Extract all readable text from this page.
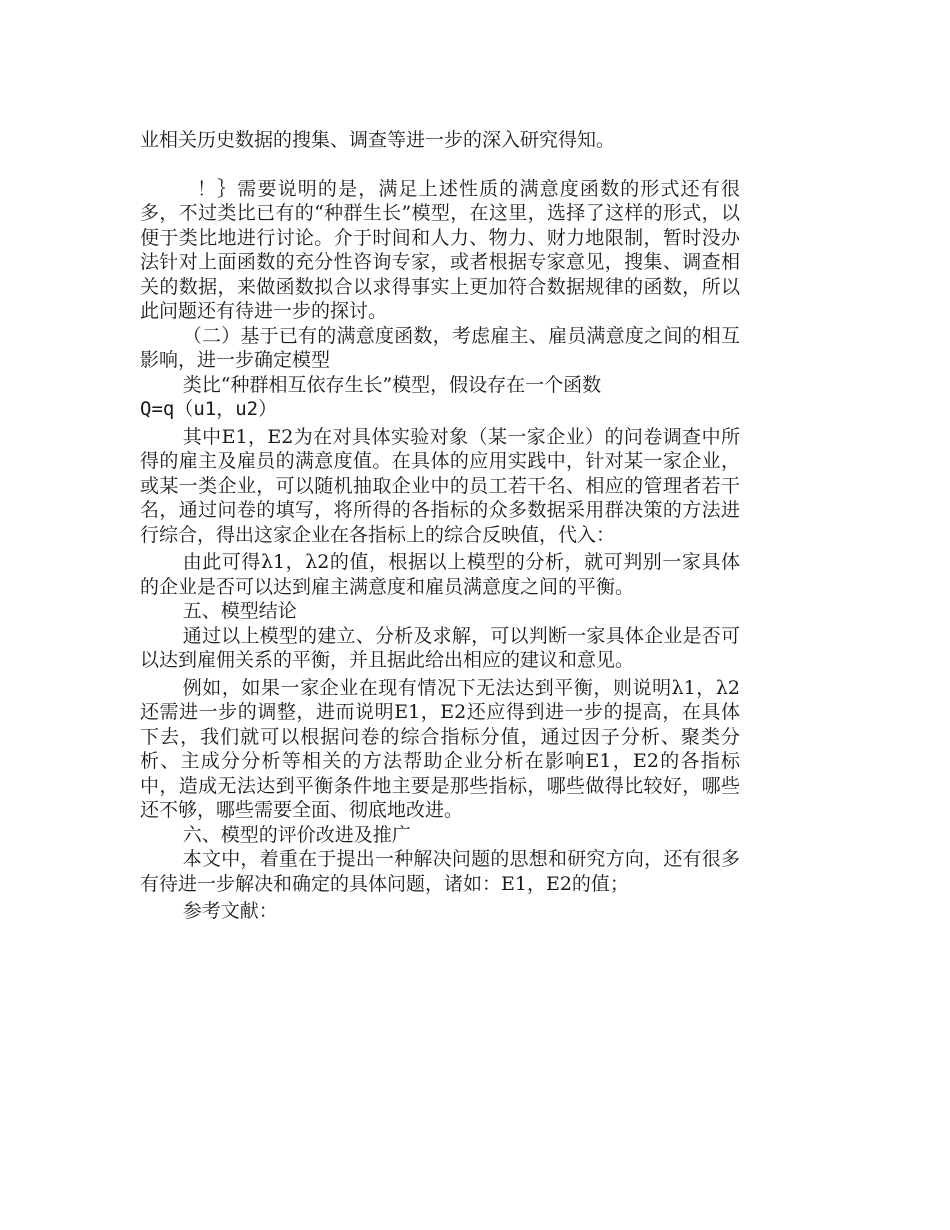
业相关历史数据的搜集、调查等进一步的深入研究得知。

！｝需要说明的是，满足上述性质的满意度函数的形式还有很多，不过类比已有的“种群生长”模型，在这里，选择了这样的形式，以便于类比地进行讨论。介于时间和人力、物力、财力地限制，暂时没办法针对上面函数的充分性咨询专家，或者根据专家意见，搜集、调查相关的数据，来做函数拟合以求得事实上更加符合数据规律的函数，所以此问题还有待进一步的探讨。

（二）基于已有的满意度函数，考虑雇主、雇员满意度之间的相互影响，进一步确定模型

类比“种群相互依存生长”模型，假设存在一个函数

Q=q（u1，u2）

其中E1，E2为在对具体实验对象（某一家企业）的问卷调查中所得的雇主及雇员的满意度值。在具体的应用实践中，针对某一家企业，或某一类企业，可以随机抽取企业中的员工若干名、相应的管理者若干名，通过问卷的填写，将所得的各指标的众多数据采用群决策的方法进行综合，得出这家企业在各指标上的综合反映值，代入：

由此可得λ1，λ2的值，根据以上模型的分析，就可判别一家具体的企业是否可以达到雇主满意度和雇员满意度之间的平衡。

五、模型结论

通过以上模型的建立、分析及求解，可以判断一家具体企业是否可以达到雇佣关系的平衡，并且据此给出相应的建议和意见。

例如，如果一家企业在现有情况下无法达到平衡，则说明λ1，λ2还需进一步的调整，进而说明E1，E2还应得到进一步的提高，在具体下去，我们就可以根据问卷的综合指标分值，通过因子分析、聚类分析、主成分分析等相关的方法帮助企业分析在影响E1，E2的各指标中，造成无法达到平衡条件地主要是那些指标，哪些做得比较好，哪些还不够，哪些需要全面、彻底地改进。

六、模型的评价改进及推广

本文中，着重在于提出一种解决问题的思想和研究方向，还有很多有待进一步解决和确定的具体问题，诸如：E1，E2的值；

参考文献：
